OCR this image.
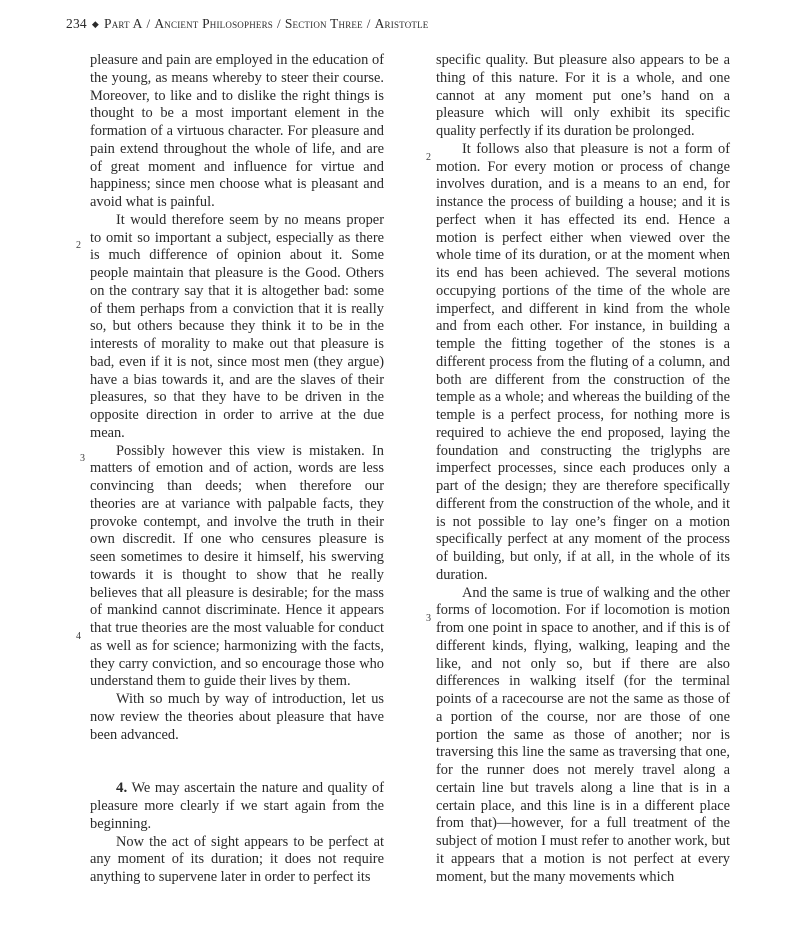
234 ◆ Part A / Ancient Philosophers / Section Three / Aristotle

pleasure and pain are employed in the education of the young, as means whereby to steer their course. Moreover, to like and to dislike the right things is thought to be a most important element in the formation of a virtuous character. For pleasure and pain extend throughout the whole of life, and are of great moment and influence for virtue and happiness; since men choose what is pleasant and avoid what is painful.

It would therefore seem by no means proper to omit so important a subject, especially as there is much difference of opinion about it. Some people maintain that pleasure is the Good. Others on the contrary say that it is altogether bad: some of them perhaps from a conviction that it is really so, but others because they think it to be in the interests of morality to make out that pleasure is bad, even if it is not, since most men (they argue) have a bias towards it, and are the slaves of their pleasures, so that they have to be driven in the opposite direction in order to arrive at the due mean.

Possibly however this view is mistaken. In matters of emotion and of action, words are less convincing than deeds; when therefore our theories are at variance with palpable facts, they provoke contempt, and involve the truth in their own discredit. If one who censures pleasure is seen sometimes to desire it himself, his swerving towards it is thought to show that he really believes that all pleasure is desirable; for the mass of mankind cannot discriminate. Hence it appears that true theories are the most valuable for conduct as well as for science; harmonizing with the facts, they carry conviction, and so encourage those who understand them to guide their lives by them.

With so much by way of introduction, let us now review the theories about pleasure that have been advanced.

4. We may ascertain the nature and quality of pleasure more clearly if we start again from the beginning.

Now the act of sight appears to be perfect at any moment of its duration; it does not require anything to supervene later in order to perfect its

specific quality. But pleasure also appears to be a thing of this nature. For it is a whole, and one cannot at any moment put one’s hand on a pleasure which will only exhibit its specific quality perfectly if its duration be prolonged.

It follows also that pleasure is not a form of motion. For every motion or process of change involves duration, and is a means to an end, for instance the process of building a house; and it is perfect when it has effected its end. Hence a motion is perfect either when viewed over the whole time of its duration, or at the moment when its end has been achieved. The several motions occupying portions of the time of the whole are imperfect, and different in kind from the whole and from each other. For instance, in building a temple the fitting together of the stones is a different process from the fluting of a column, and both are different from the construction of the temple as a whole; and whereas the building of the temple is a perfect process, for nothing more is required to achieve the end proposed, laying the foundation and constructing the triglyphs are imperfect processes, since each produces only a part of the design; they are therefore specifically different from the construction of the whole, and it is not possible to lay one’s finger on a motion specifically perfect at any moment of the process of building, but only, if at all, in the whole of its duration.

And the same is true of walking and the other forms of locomotion. For if locomotion is motion from one point in space to another, and if this is of different kinds, flying, walking, leaping and the like, and not only so, but if there are also differences in walking itself (for the terminal points of a racecourse are not the same as those of a portion of the course, nor are those of one portion the same as those of another; nor is traversing this line the same as traversing that one, for the runner does not merely travel along a certain line but travels along a line that is in a certain place, and this line is in a different place from that)—however, for a full treatment of the subject of motion I must refer to another work, but it appears that a motion is not perfect at every moment, but the many movements which

2
3
4
2
3
